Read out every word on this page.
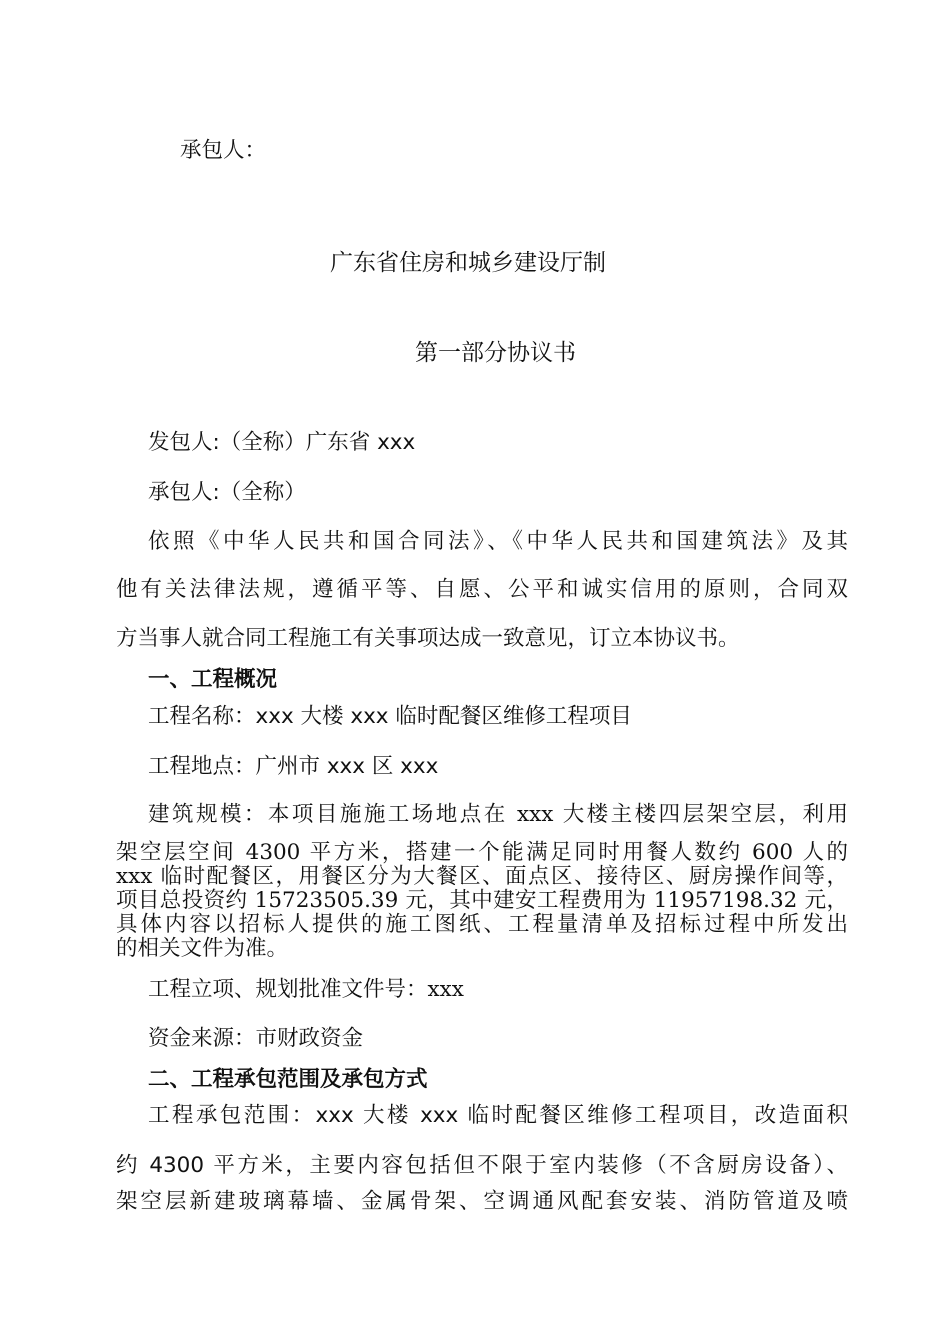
承包人：
广东省住房和城乡建设厅制
第一部分协议书
发包人:（全称）广东省 xxx
承包人:（全称）
依照《中华人民共和国合同法》、《中华人民共和国建筑法》及其
他有关法律法规，遵循平等、自愿、公平和诚实信用的原则，合同双
方当事人就合同工程施工有关事项达成一致意见，订立本协议书。
一、工程概况
工程名称：xxx 大楼 xxx 临时配餐区维修工程项目
工程地点：广州市 xxx 区 xxx
建筑规模：本项目施施工场地点在 xxx 大楼主楼四层架空层，利用
架空层空间 4300 平方米，搭建一个能满足同时用餐人数约 600 人的
xxx 临时配餐区，用餐区分为大餐区、面点区、接待区、厨房操作间等，
项目总投资约 15723505.39 元，其中建安工程费用为 11957198.32 元，
具体内容以招标人提供的施工图纸、工程量清单及招标过程中所发出
的相关文件为准。
工程立项、规划批准文件号：xxx
资金来源：市财政资金
二、工程承包范围及承包方式
工程承包范围：xxx 大楼 xxx 临时配餐区维修工程项目，改造面积
约 4300 平方米，主要内容包括但不限于室内装修（不含厨房设备）、
架空层新建玻璃幕墙、金属骨架、空调通风配套安装、消防管道及喷
